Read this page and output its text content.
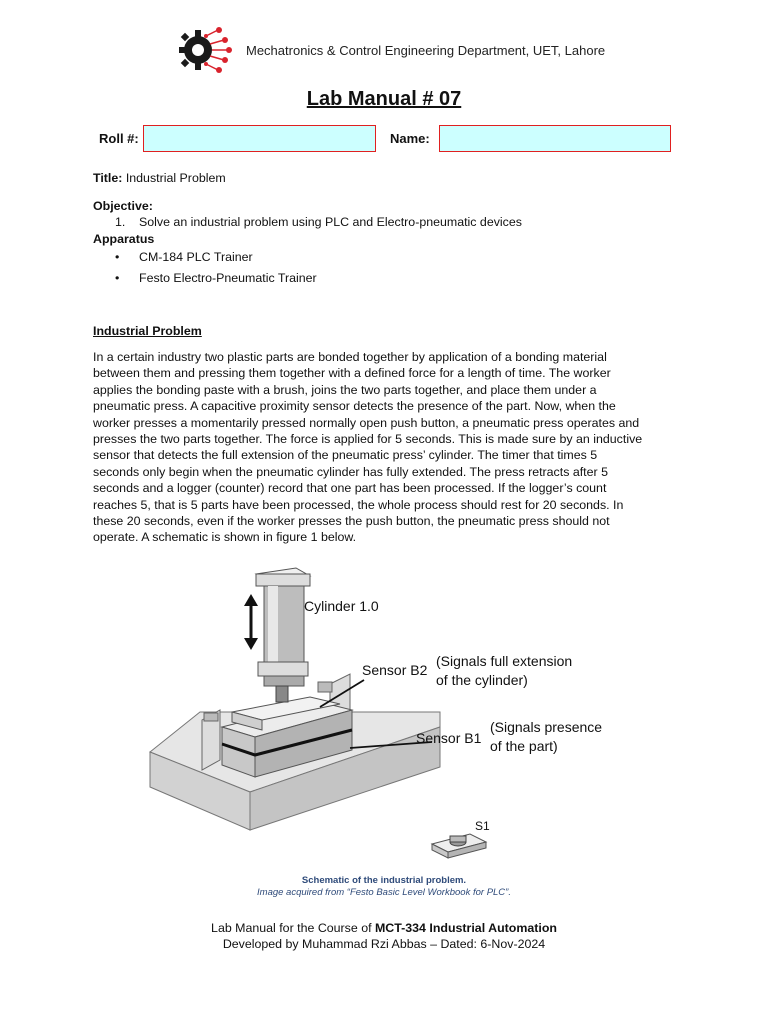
Mechatronics & Control Engineering Department, UET, Lahore
Lab Manual # 07
Roll #:	Name:
Title: Industrial Problem
Objective:
1. Solve an industrial problem using PLC and Electro-pneumatic devices
Apparatus
• CM-184 PLC Trainer
• Festo Electro-Pneumatic Trainer
Industrial Problem
In a certain industry two plastic parts are bonded together by application of a bonding material
between them and pressing them together with a defined force for a length of time. The worker
applies the bonding paste with a brush, joins the two parts together, and place them under a
pneumatic press. A capacitive proximity sensor detects the presence of the part. Now, when the
worker presses a momentarily pressed normally open push button, a pneumatic press operates and
presses the two parts together. The force is applied for 5 seconds. This is made sure by an inductive
sensor that detects the full extension of the pneumatic press’ cylinder. The timer that times 5
seconds only begin when the pneumatic cylinder has fully extended. The press retracts after 5
seconds and a logger (counter) record that one part has been processed. If the logger’s count
reaches 5, that is 5 parts have been processed, the whole process should rest for 20 seconds. In
these 20 seconds, even if the worker presses the push button, the pneumatic press should not
operate. A schematic is shown in figure 1 below.
Cylinder 1.0
Sensor B2
(Signals full extension
of the cylinder)
Sensor B1
(Signals presence
of the part)
S1
Schematic of the industrial problem.
Image acquired from “Festo Basic Level Workbook for PLC”.
Lab Manual for the Course of MCT-334 Industrial Automation
Developed by Muhammad Rzi Abbas – Dated: 6-Nov-2024
